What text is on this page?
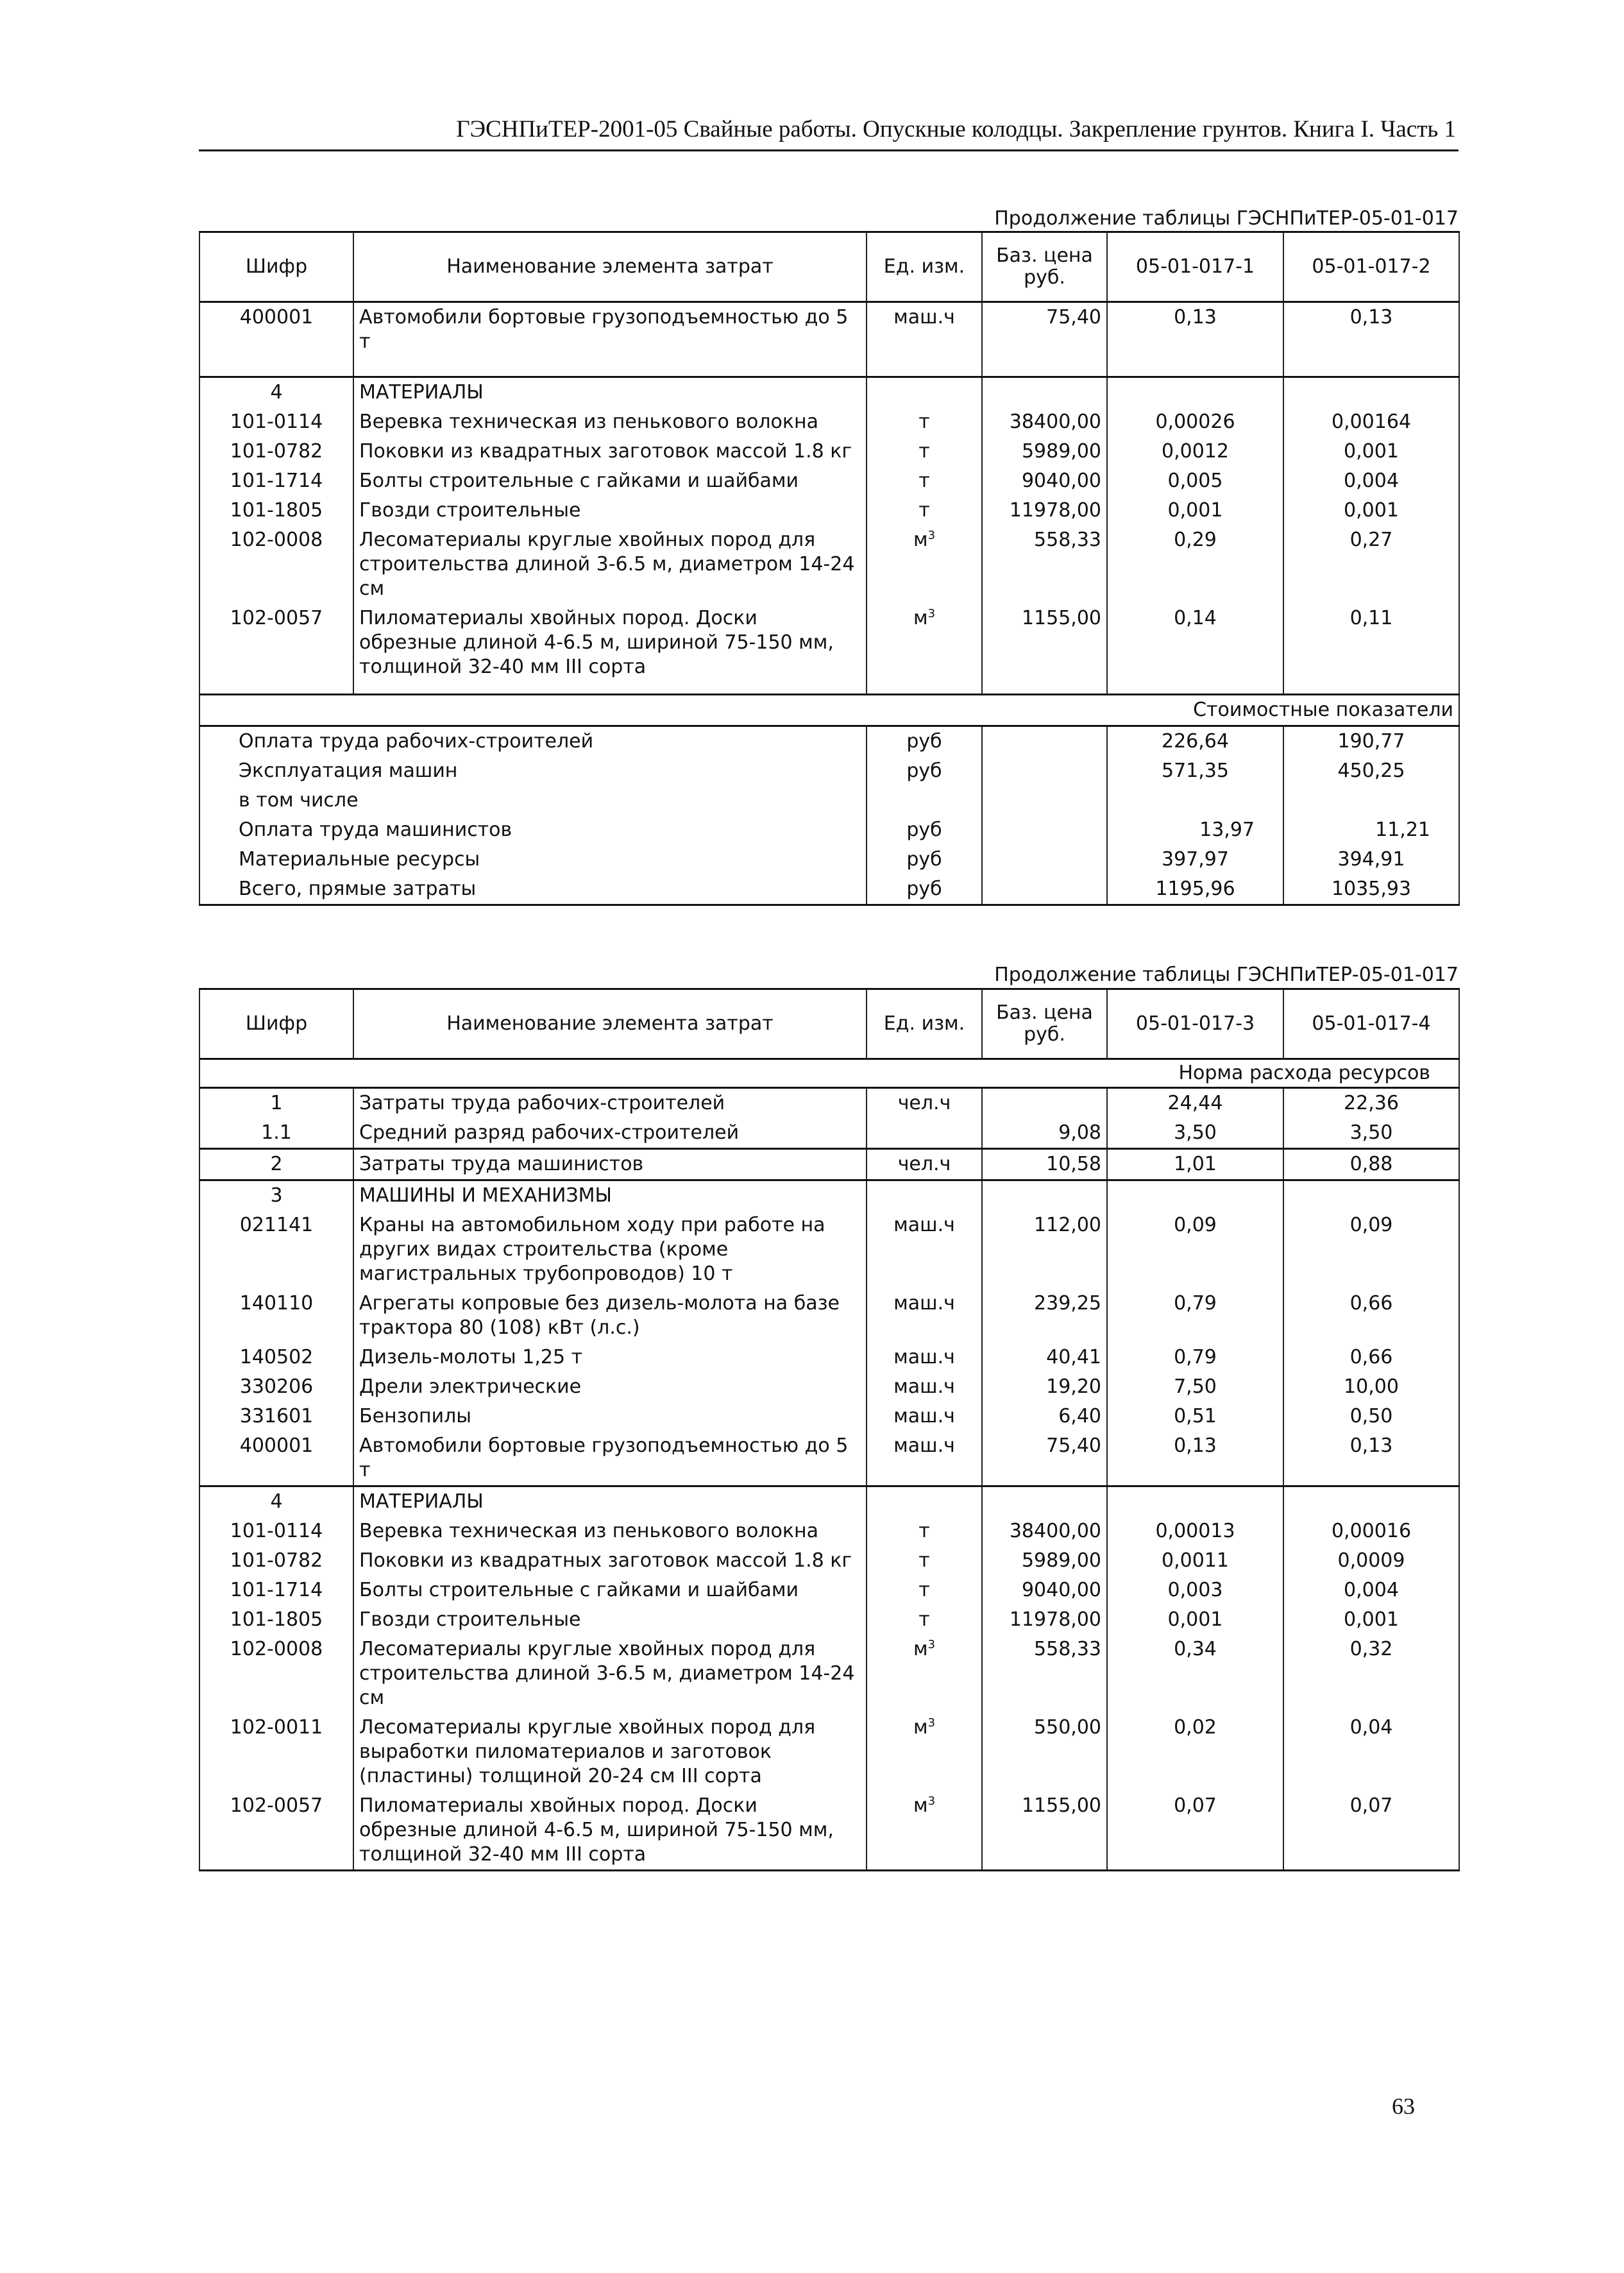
ГЭСНПиТЕР-2001-05 Свайные работы. Опускные колодцы. Закрепление грунтов. Книга I. Часть 1
Продолжение таблицы ГЭСНПиТЕР-05-01-017
Шифр	Наименование элемента затрат	Ед. изм.	Баз. цена руб.	05-01-017-1	05-01-017-2
400001	Автомобили бортовые грузоподъемностью до 5 т	маш.ч	75,40	0,13	0,13
4	МАТЕРИАЛЫ				
101-0114	Веревка техническая из пенькового волокна	т	38400,00	0,00026	0,00164
101-0782	Поковки из квадратных заготовок массой 1.8 кг	т	5989,00	0,0012	0,001
101-1714	Болты строительные с гайками и шайбами	т	9040,00	0,005	0,004
101-1805	Гвозди строительные	т	11978,00	0,001	0,001
102-0008	Лесоматериалы круглые хвойных пород для строительства длиной 3-6.5 м, диаметром 14-24 см	$м^3$	558,33	0,29	0,27
102-0057	Пиломатериалы хвойных пород. Доски обрезные длиной 4-6.5 м, шириной 75-150 мм, толщиной 32-40 мм III сорта	$м^3$	1155,00	0,14	0,11

Стоимостные показатели					
Оплата труда рабочих-строителей		руб		226,64	190,77
Эксплуатация машин		руб		571,35	450,25
в том числе					
Оплата труда машинистов		руб		13,97	11,21
Материальные ресурсы		руб		397,97	394,91
Всего, прямые затраты		руб		1195,96	1035,93
Продолжение таблицы ГЭСНПиТЕР-05-01-017
Шифр	Наименование элемента затрат	Ед. изм.	Баз. цена руб.	05-01-017-3	05-01-017-4
Норма расхода ресурсов					
1	Затраты труда рабочих-строителей	чел.ч		24,44	22,36
1.1	Средний разряд рабочих-строителей		9,08	3,50	3,50
2	Затраты труда машинистов	чел.ч	10,58	1,01	0,88
3	МАШИНЫ И МЕХАНИЗМЫ				
021141	Краны на автомобильном ходу при работе на других видах строительства (кроме магистральных трубопроводов) 10 т	маш.ч	112,00	0,09	0,09
140110	Агрегаты копровые без дизель-молота на базе трактора 80 (108) кВт (л.с.)	маш.ч	239,25	0,79	0,66
140502	Дизель-молоты 1,25 т	маш.ч	40,41	0,79	0,66
330206	Дрели электрические	маш.ч	19,20	7,50	10,00
331601	Бензопилы	маш.ч	6,40	0,51	0,50
400001	Автомобили бортовые грузоподъемностью до 5 т	маш.ч	75,40	0,13	0,13
4	МАТЕРИАЛЫ				
101-0114	Веревка техническая из пенькового волокна	т	38400,00	0,00013	0,00016
101-0782	Поковки из квадратных заготовок массой 1.8 кг	т	5989,00	0,0011	0,0009
101-1714	Болты строительные с гайками и шайбами	т	9040,00	0,003	0,004
101-1805	Гвозди строительные	т	11978,00	0,001	0,001
102-0008	Лесоматериалы круглые хвойных пород для строительства длиной 3-6.5 м, диаметром 14-24 см	$м^3$	558,33	0,34	0,32
102-0011	Лесоматериалы круглые хвойных пород для выработки пиломатериалов и заготовок (пластины) толщиной 20-24 см III сорта	$м^3$	550,00	0,02	0,04
102-0057	Пиломатериалы хвойных пород. Доски обрезные длиной 4-6.5 м, шириной 75-150 мм, толщиной 32-40 мм III сорта	$м^3$	1155,00	0,07	0,07
63
